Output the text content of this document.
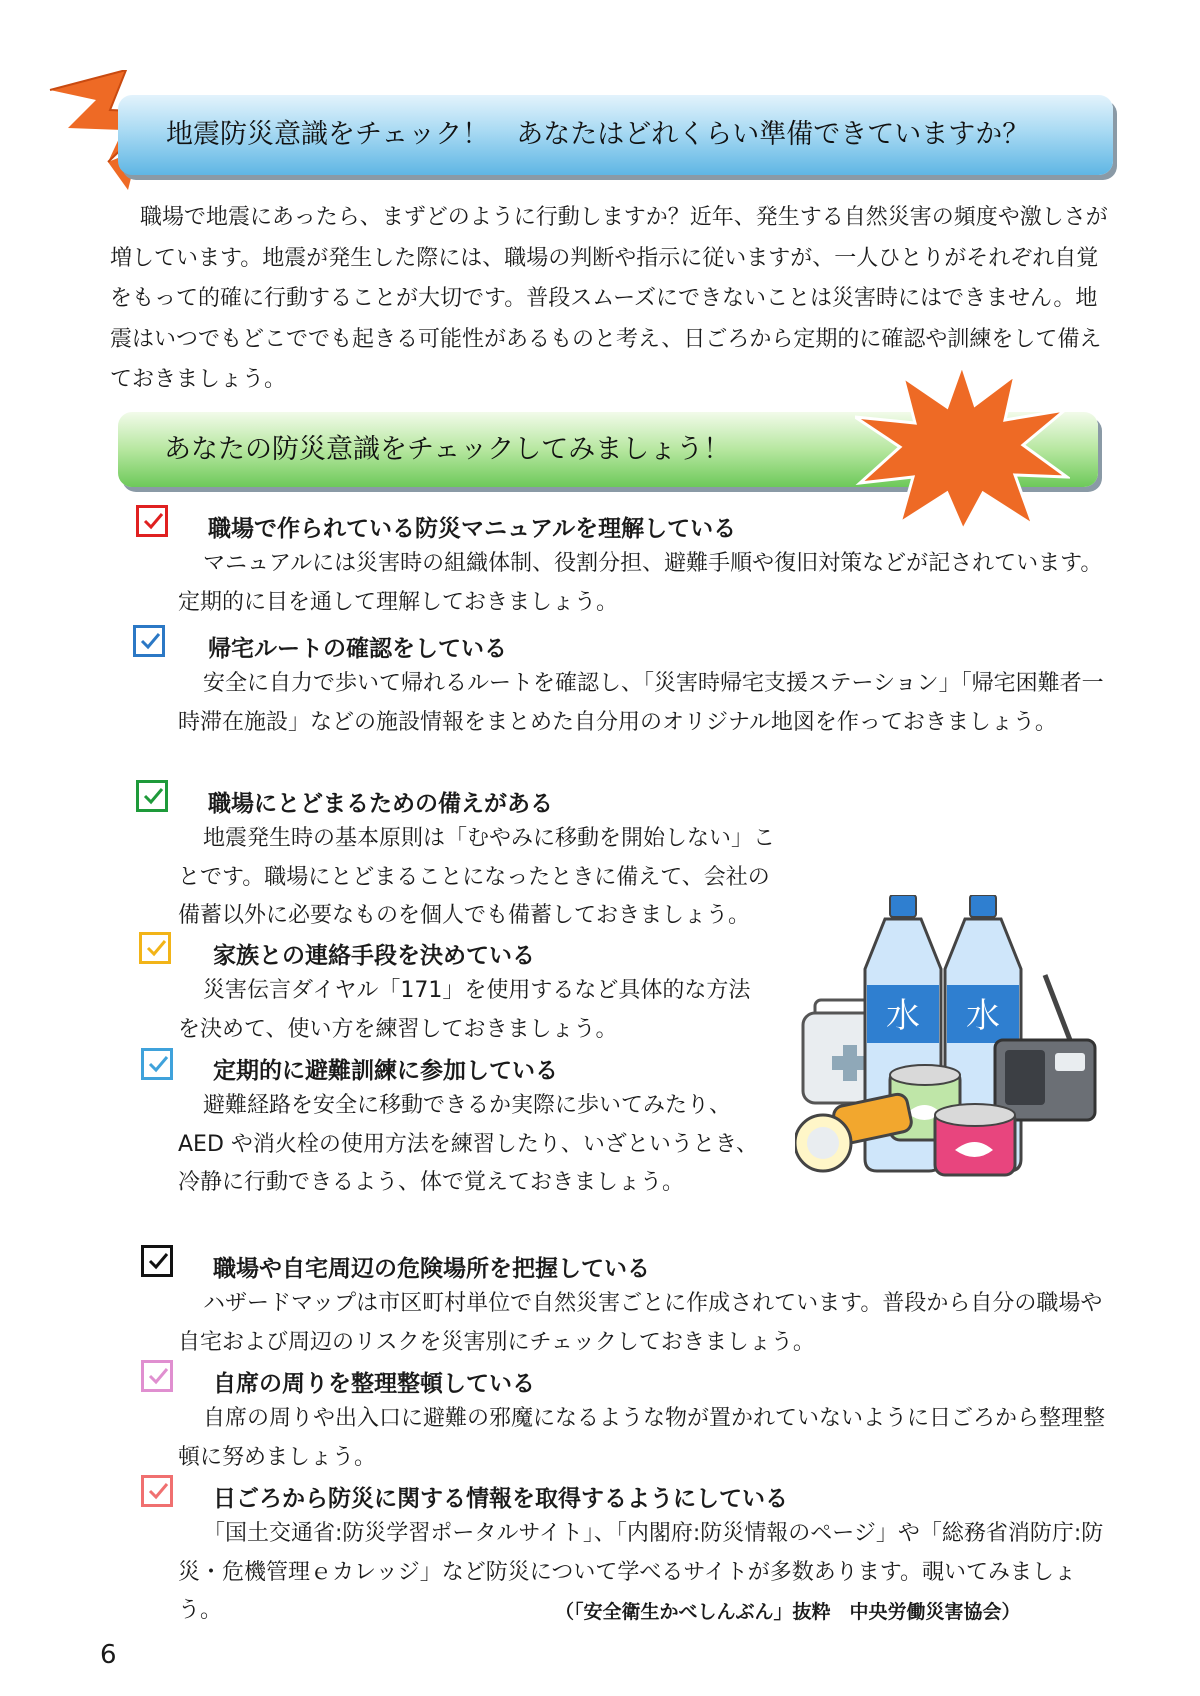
地震防災意識をチェック！　あなたはどれくらい準備できていますか？
職場で地震にあったら、まずどのように行動しますか？近年、発生する自然災害の頻度や激しさが増しています。地震が発生した際には、職場の判断や指示に従いますが、一人ひとりがそれぞれ自覚をもって的確に行動することが大切です。普段スムーズにできないことは災害時にはできません。地震はいつでもどこででも起きる可能性があるものと考え、日ごろから定期的に確認や訓練をして備えておきましょう。
あなたの防災意識をチェックしてみましょう！
職場で作られている防災マニュアルを理解している
マニュアルには災害時の組織体制、役割分担、避難手順や復旧対策などが記されています。定期的に目を通して理解しておきましょう。
帰宅ルートの確認をしている
安全に自力で歩いて帰れるルートを確認し、「災害時帰宅支援ステーション」「帰宅困難者一時滞在施設」などの施設情報をまとめた自分用のオリジナル地図を作っておきましょう。
職場にとどまるための備えがある
地震発生時の基本原則は「むやみに移動を開始しない」ことです。職場にとどまることになったときに備えて、会社の備蓄以外に必要なものを個人でも備蓄しておきましょう。
家族との連絡手段を決めている
災害伝言ダイヤル「171」を使用するなど具体的な方法を決めて、使い方を練習しておきましょう。
定期的に避難訓練に参加している
避難経路を安全に移動できるか実際に歩いてみたり、AED や消火栓の使用方法を練習したり、いざというとき、冷静に行動できるよう、体で覚えておきましょう。
職場や自宅周辺の危険場所を把握している
ハザードマップは市区町村単位で自然災害ごとに作成されています。普段から自分の職場や自宅および周辺のリスクを災害別にチェックしておきましょう。
自席の周りを整理整頓している
自席の周りや出入口に避難の邪魔になるような物が置かれていないように日ごろから整理整頓に努めましょう。
日ごろから防災に関する情報を取得するようにしている
「国土交通省:防災学習ポータルサイト」、「内閣府:防災情報のページ」や「総務省消防庁:防災・危機管理ｅカレッジ」など防災について学べるサイトが多数あります。覗いてみましょう。
水 水
（「安全衛生かべしんぶん」抜粋　中央労働災害協会）
6
